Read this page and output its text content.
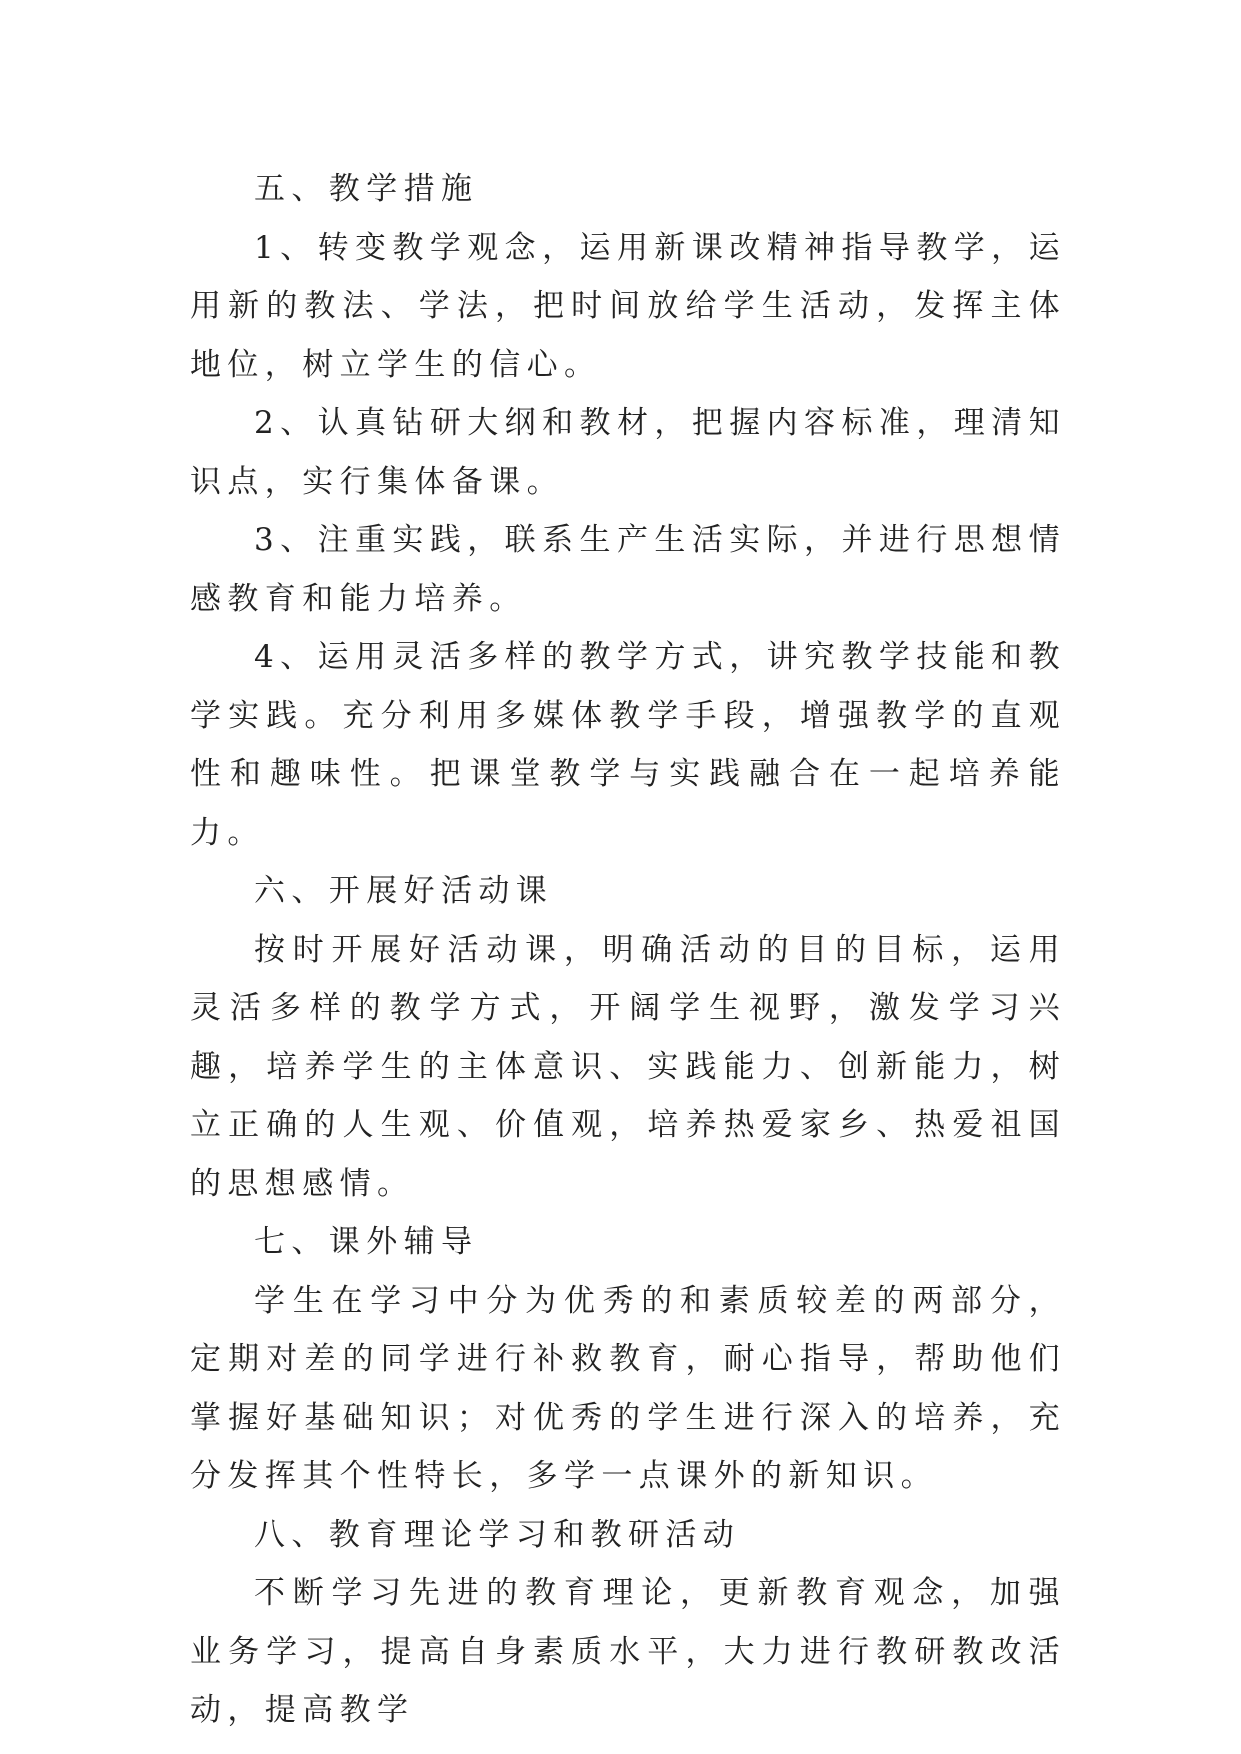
五、教学措施

1、转变教学观念，运用新课改精神指导教学，运用新的教法、学法，把时间放给学生活动，发挥主体地位，树立学生的信心。

2、认真钻研大纲和教材，把握内容标准，理清知识点，实行集体备课。

3、注重实践，联系生产生活实际，并进行思想情感教育和能力培养。

4、运用灵活多样的教学方式，讲究教学技能和教学实践。充分利用多媒体教学手段，增强教学的直观性和趣味性。把课堂教学与实践融合在一起培养能力。

六、开展好活动课

按时开展好活动课，明确活动的目的目标，运用灵活多样的教学方式，开阔学生视野，激发学习兴趣，培养学生的主体意识、实践能力、创新能力，树立正确的人生观、价值观，培养热爱家乡、热爱祖国的思想感情。

七、课外辅导

学生在学习中分为优秀的和素质较差的两部分，定期对差的同学进行补救教育，耐心指导，帮助他们掌握好基础知识；对优秀的学生进行深入的培养，充分发挥其个性特长，多学一点课外的新知识。

八、教育理论学习和教研活动

不断学习先进的教育理论，更新教育观念，加强业务学习，提高自身素质水平，大力进行教研教改活动，提高教学
